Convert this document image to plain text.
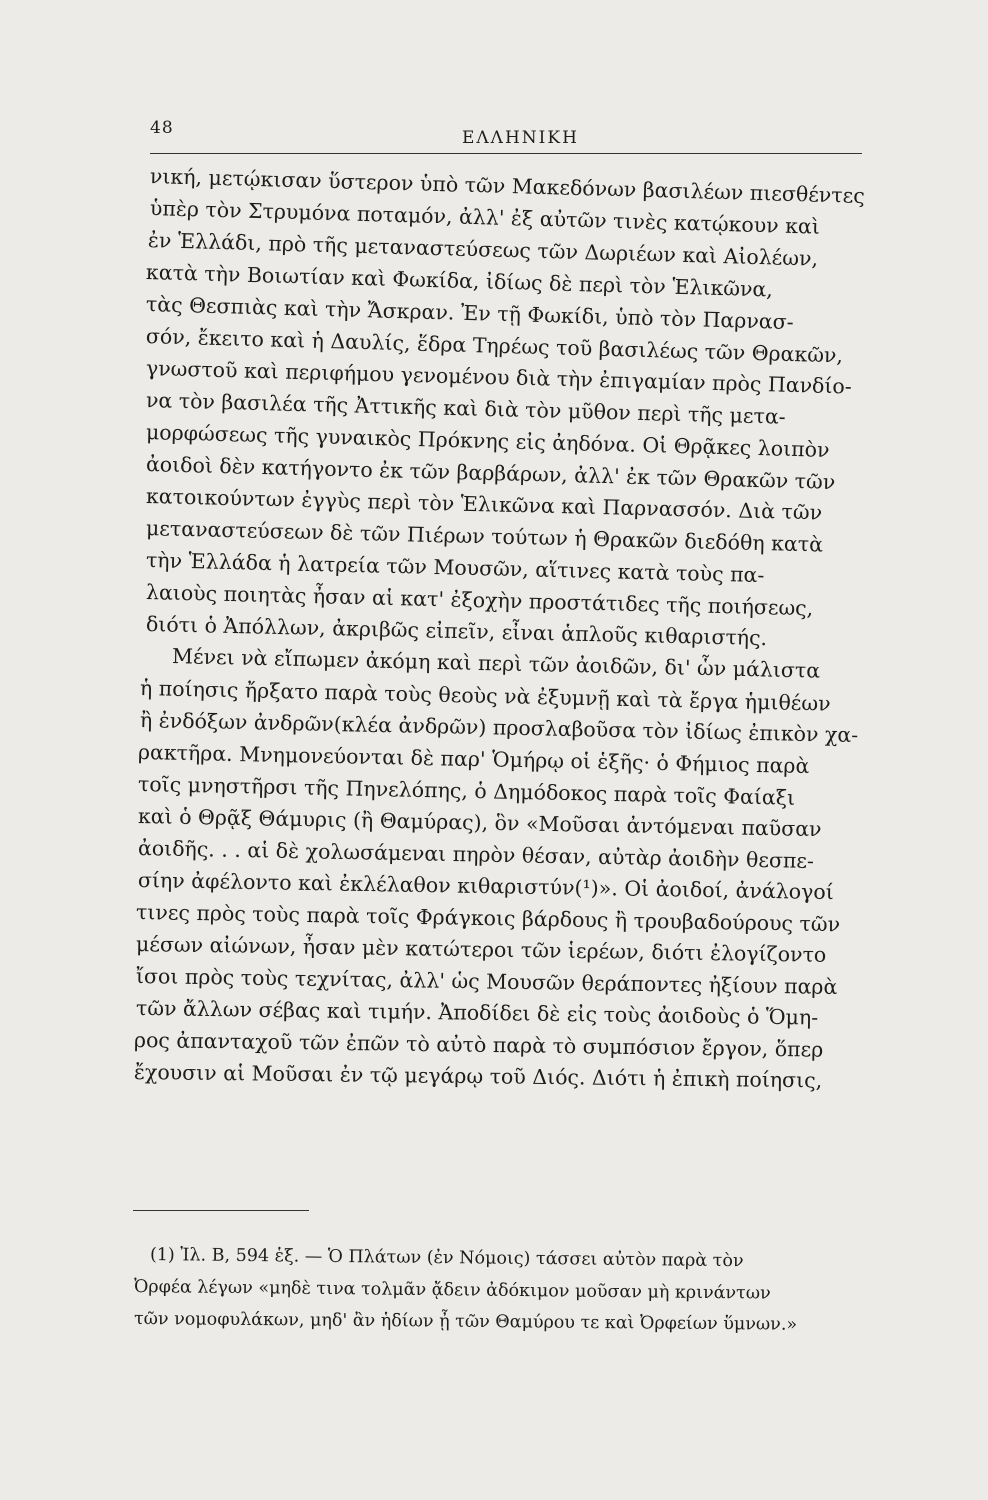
48	ΕΛΛΗΝΙΚΗ
νική, μετῴκισαν ὕστερον ὑπὸ τῶν Μακεδόνων βασιλέων πιεσθέντες
ὑπὲρ τὸν Στρυμόνα ποταμόν, ἀλλ' ἐξ αὐτῶν τινὲς κατῴκουν καὶ
ἐν Ἑλλάδι, πρὸ τῆς μεταναστεύσεως τῶν Δωριέων καὶ Αἰολέων,
κατὰ τὴν Βοιωτίαν καὶ Φωκίδα, ἰδίως δὲ περὶ τὸν Ἑλικῶνα,
τὰς Θεσπιὰς καὶ τὴν Ἄσκραν. Ἐν τῇ Φωκίδι, ὑπὸ τὸν Παρνασ-
σόν, ἔκειτο καὶ ἡ Δαυλίς, ἕδρα Τηρέως τοῦ βασιλέως τῶν Θρακῶν,
γνωστοῦ καὶ περιφήμου γενομένου διὰ τὴν ἐπιγαμίαν πρὸς Πανδίο-
να τὸν βασιλέα τῆς Ἀττικῆς καὶ διὰ τὸν μῦθον περὶ τῆς μετα-
μορφώσεως τῆς γυναικὸς Πρόκνης εἰς ἀηδόνα. Οἱ Θρᾷκες λοιπὸν
ἀοιδοὶ δὲν κατήγοντο ἐκ τῶν βαρβάρων, ἀλλ' ἐκ τῶν Θρακῶν τῶν
κατοικούντων ἐγγὺς περὶ τὸν Ἑλικῶνα καὶ Παρνασσόν. Διὰ τῶν
μεταναστεύσεων δὲ τῶν Πιέρων τούτων ἡ Θρακῶν διεδόθη κατὰ
τὴν Ἑλλάδα ἡ λατρεία τῶν Μουσῶν, αἵτινες κατὰ τοὺς πα-
λαιοὺς ποιητὰς ἦσαν αἱ κατ' ἐξοχὴν προστάτιδες τῆς ποιήσεως,
διότι ὁ Ἀπόλλων, ἀκριβῶς εἰπεῖν, εἶναι ἁπλοῦς κιθαριστής.
Μένει νὰ εἴπωμεν ἀκόμη καὶ περὶ τῶν ἀοιδῶν, δι' ὧν μάλιστα
ἡ ποίησις ἤρξατο παρὰ τοὺς θεοὺς νὰ ἐξυμνῇ καὶ τὰ ἔργα ἡμιθέων
ἢ ἐνδόξων ἀνδρῶν(κλέα ἀνδρῶν) προσλαβοῦσα τὸν ἰδίως ἐπικὸν χα-
ρακτῆρα. Μνημονεύονται δὲ παρ' Ὁμήρῳ οἱ ἑξῆς· ὁ Φήμιος παρὰ
τοῖς μνηστῆρσι τῆς Πηνελόπης, ὁ Δημόδοκος παρὰ τοῖς Φαίαξι
καὶ ὁ Θρᾷξ Θάμυρις (ἢ Θαμύρας), ὃν «Μοῦσαι ἀντόμεναι παῦσαν
ἀοιδῆς. . . αἱ δὲ χολωσάμεναι πηρὸν θέσαν, αὐτὰρ ἀοιδὴν θεσπε-
σίην ἀφέλοντο καὶ ἐκλέλαθον κιθαριστύν(¹)». Οἱ ἀοιδοί, ἀνάλογοί
τινες πρὸς τοὺς παρὰ τοῖς Φράγκοις βάρδους ἢ τρουβαδούρους τῶν
μέσων αἰώνων, ἦσαν μὲν κατώτεροι τῶν ἱερέων, διότι ἐλογίζοντο
ἴσοι πρὸς τοὺς τεχνίτας, ἀλλ' ὡς Μουσῶν θεράποντες ἠξίουν παρὰ
τῶν ἄλλων σέβας καὶ τιμήν. Ἀποδίδει δὲ εἰς τοὺς ἀοιδοὺς ὁ Ὅμη-
ρος ἀπανταχοῦ τῶν ἐπῶν τὸ αὐτὸ παρὰ τὸ συμπόσιον ἔργον, ὅπερ
ἔχουσιν αἱ Μοῦσαι ἐν τῷ μεγάρῳ τοῦ Διός. Διότι ἡ ἐπικὴ ποίησις,
(1) Ἰλ. Β, 594 ἑξ. — Ὁ Πλάτων (ἐν Νόμοις) τάσσει αὐτὸν παρὰ τὸν
Ὀρφέα λέγων «μηδὲ τινα τολμᾶν ᾄδειν ἀδόκιμον μοῦσαν μὴ κρινάντων
τῶν νομοφυλάκων, μηδ' ἂν ἡδίων ᾖ τῶν Θαμύρου τε καὶ Ὀρφείων ὕμνων.»
